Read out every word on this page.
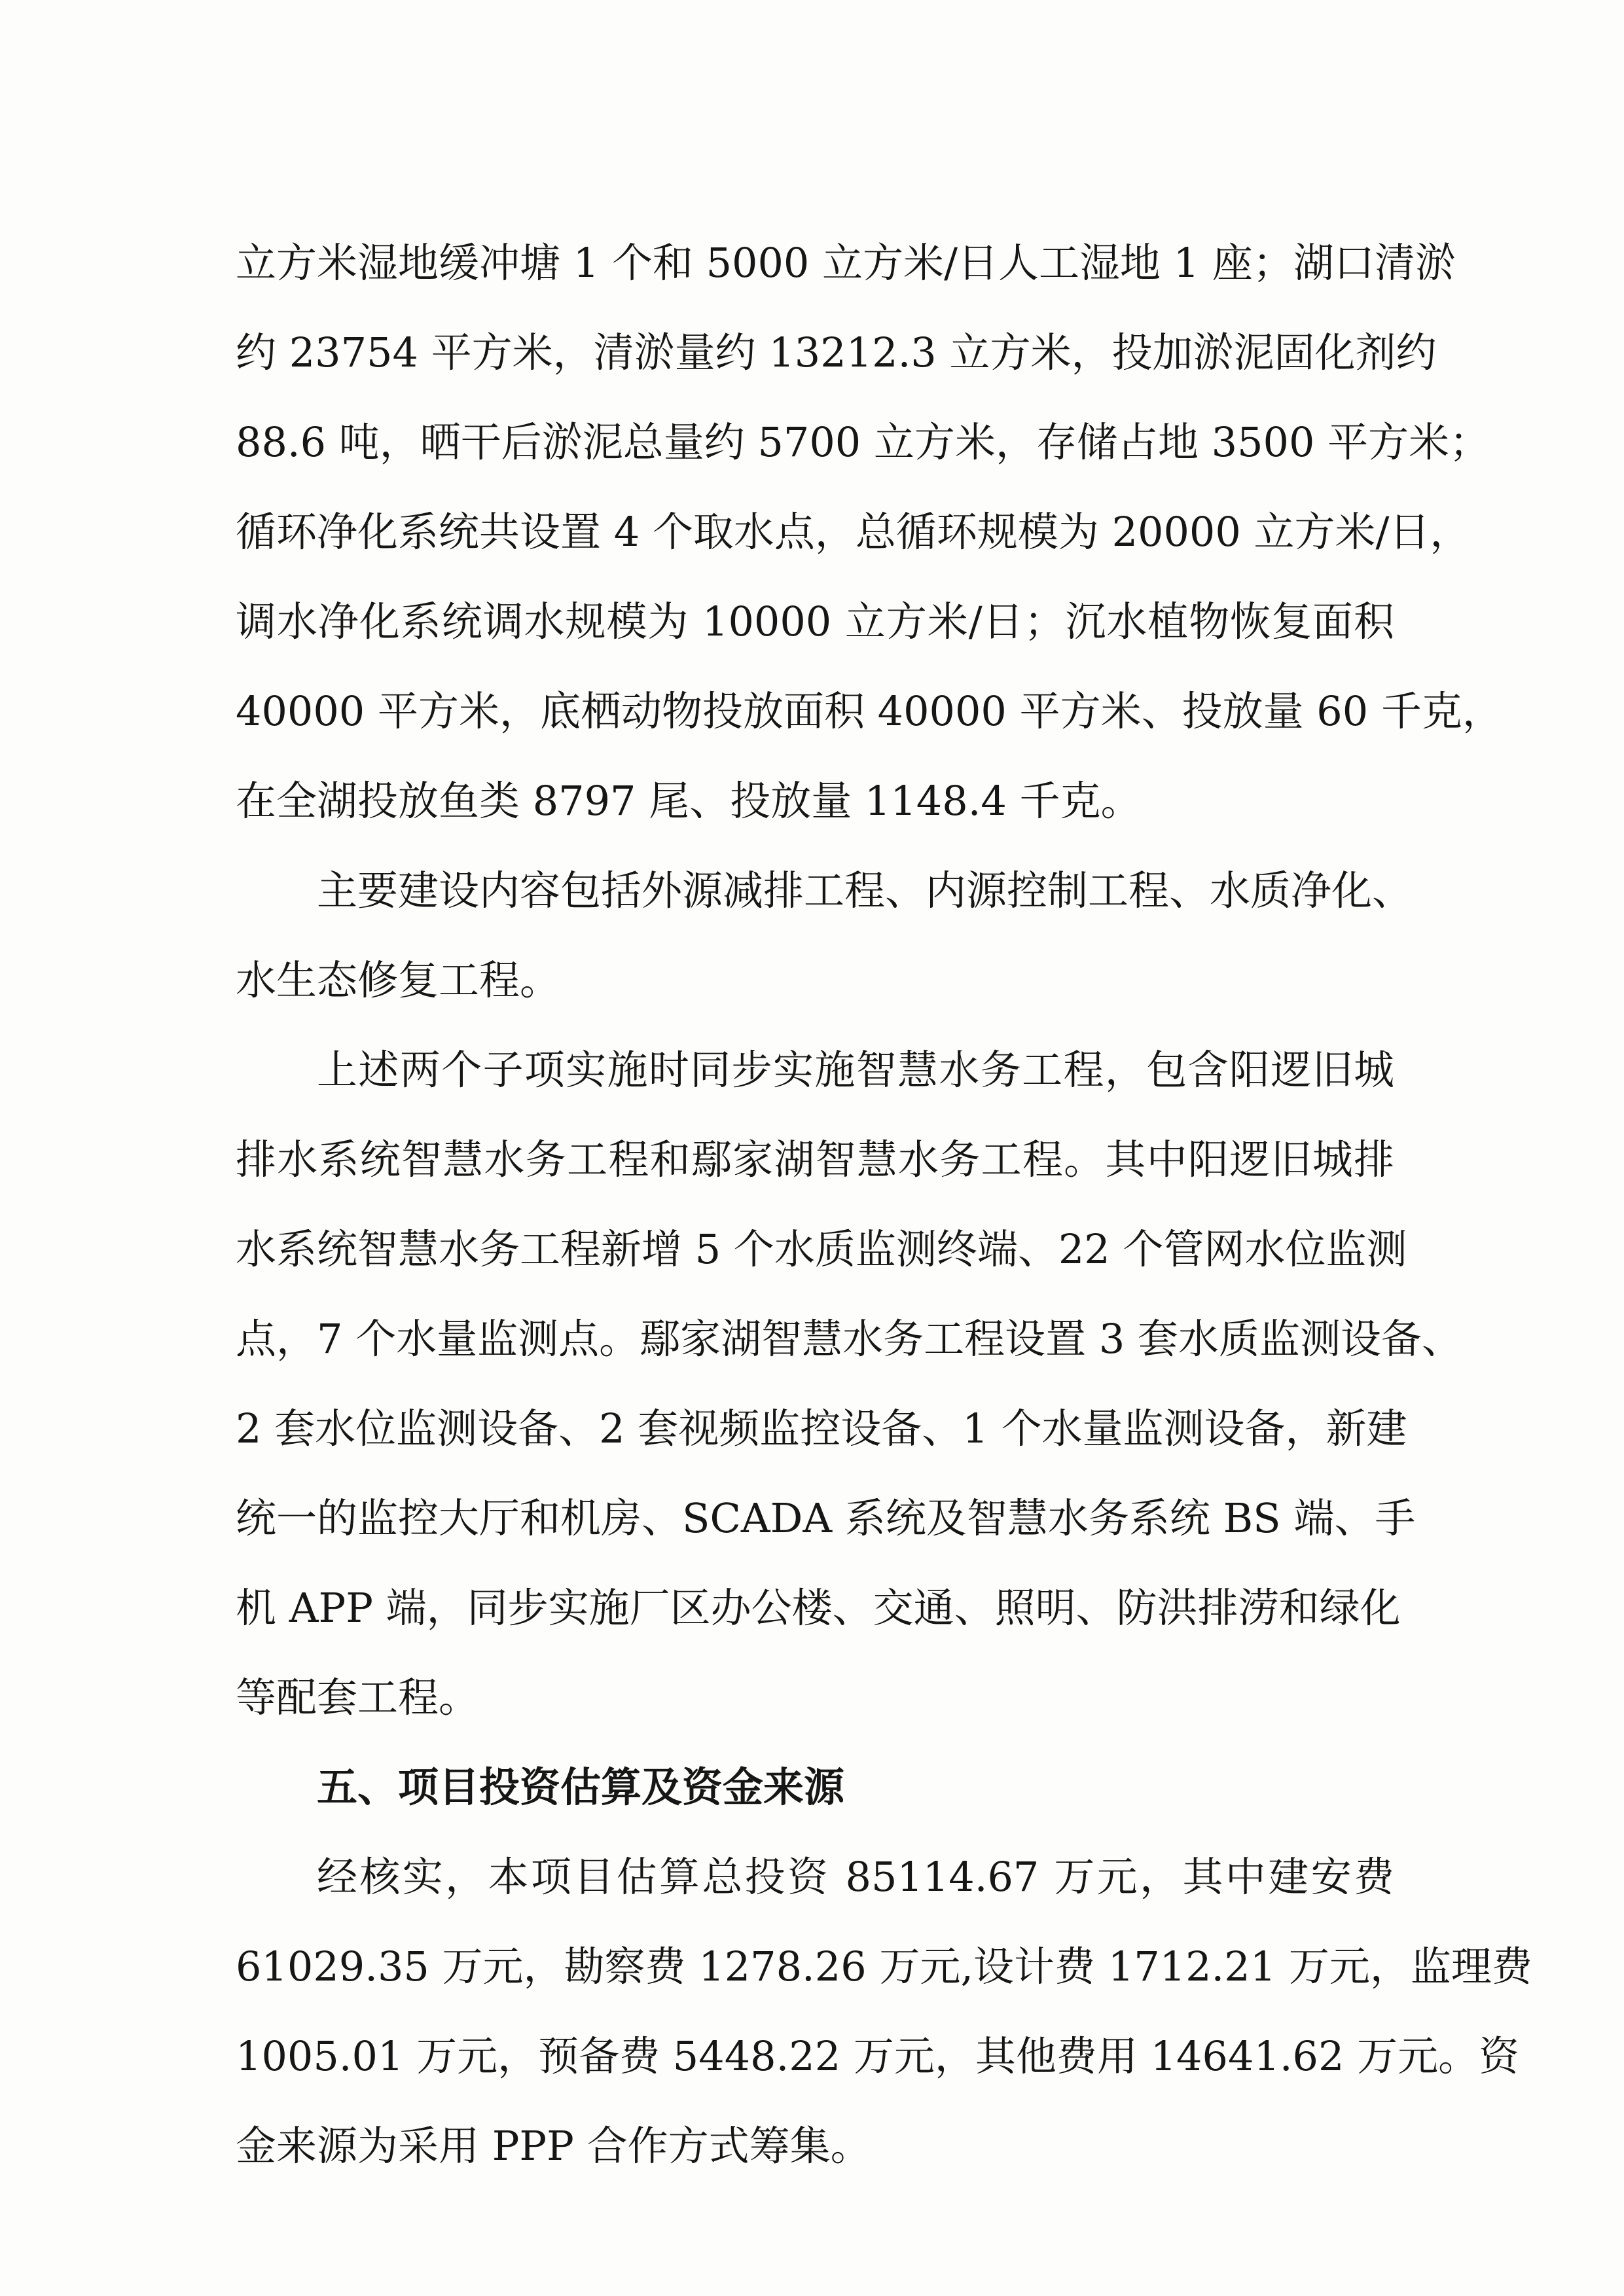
立方米湿地缓冲塘 1 个和 5000 立方米/日人工湿地 1 座；湖口清淤
约 23754 平方米，清淤量约 13212.3 立方米，投加淤泥固化剂约
88.6 吨，晒干后淤泥总量约 5700 立方米，存储占地 3500 平方米；
循环净化系统共设置 4 个取水点，总循环规模为 20000 立方米/日，
调水净化系统调水规模为 10000 立方米/日；沉水植物恢复面积
40000 平方米，底栖动物投放面积 40000 平方米、投放量 60 千克，
在全湖投放鱼类 8797 尾、投放量 1148.4 千克。
主要建设内容包括外源减排工程、内源控制工程、水质净化、
水生态修复工程。
上述两个子项实施时同步实施智慧水务工程，包含阳逻旧城
排水系统智慧水务工程和鄢家湖智慧水务工程。其中阳逻旧城排
水系统智慧水务工程新增 5 个水质监测终端、22 个管网水位监测
点，7 个水量监测点。鄢家湖智慧水务工程设置 3 套水质监测设备、
2 套水位监测设备、2 套视频监控设备、1 个水量监测设备，新建
统一的监控大厅和机房、SCADA 系统及智慧水务系统 BS 端、手
机 APP 端，同步实施厂区办公楼、交通、照明、防洪排涝和绿化
等配套工程。
五、项目投资估算及资金来源
经核实，本项目估算总投资 85114.67 万元，其中建安费
61029.35 万元，勘察费 1278.26 万元,设计费 1712.21 万元，监理费
1005.01 万元，预备费 5448.22 万元，其他费用 14641.62 万元。资
金来源为采用 PPP 合作方式筹集。
